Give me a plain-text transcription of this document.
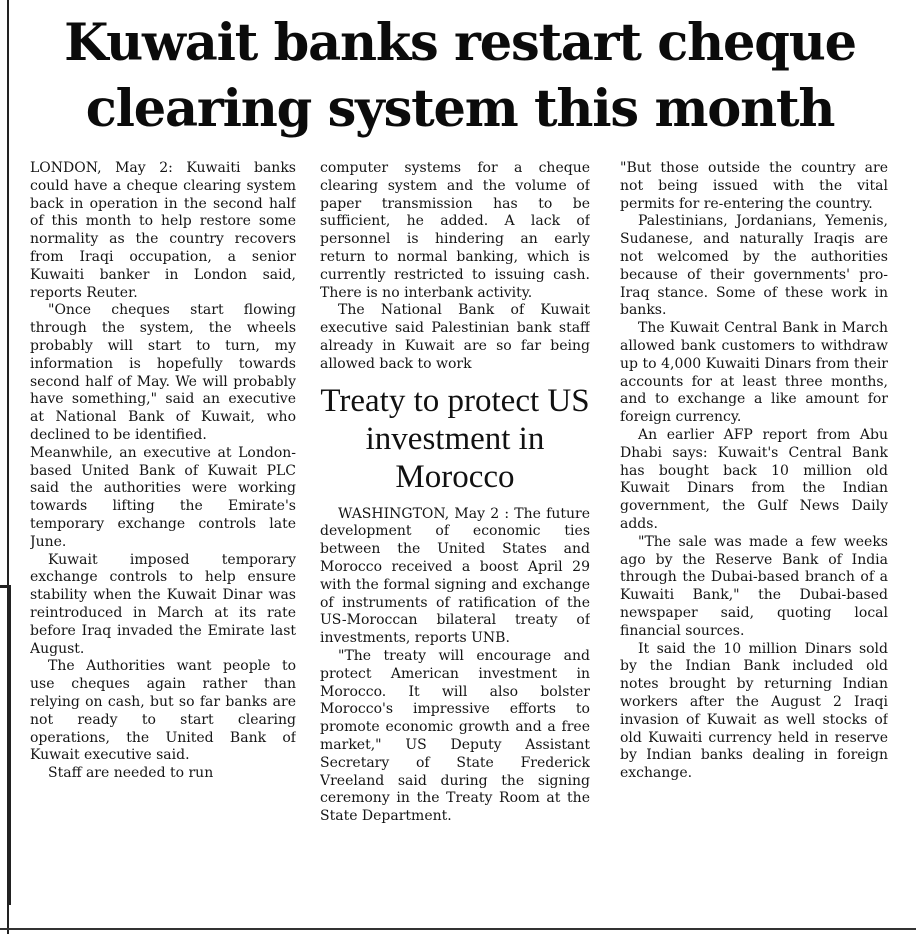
Kuwait banks restart cheque clearing system this month

LONDON, May 2: Kuwaiti banks could have a cheque clearing system back in operation in the second half of this month to help restore some normality as the country recovers from Iraqi occupation, a senior Kuwaiti banker in London said, reports Reuter.

"Once cheques start flowing through the system, the wheels probably will start to turn, my information is hopefully towards second half of May. We will probably have something," said an executive at National Bank of Kuwait, who declined to be identified.

Meanwhile, an executive at London-based United Bank of Kuwait PLC said the authorities were working towards lifting the Emirate's temporary exchange controls late June.

Kuwait imposed temporary exchange controls to help ensure stability when the Kuwait Dinar was reintroduced in March at its rate before Iraq invaded the Emirate last August.

The Authorities want people to use cheques again rather than relying on cash, but so far banks are not ready to start clearing operations, the United Bank of Kuwait executive said.

Staff are needed to run

computer systems for a cheque clearing system and the volume of paper transmission has to be sufficient, he added. A lack of personnel is hindering an early return to normal banking, which is currently restricted to issuing cash. There is no interbank activity.

The National Bank of Kuwait executive said Palestinian bank staff already in Kuwait are so far being allowed back to work

Treaty to protect US investment in Morocco

WASHINGTON, May 2 : The future development of economic ties between the United States and Morocco received a boost April 29 with the formal signing and exchange of instruments of ratification of the US-Moroccan bilateral treaty of investments, reports UNB.

"The treaty will encourage and protect American investment in Morocco. It will also bolster Morocco's impressive efforts to promote economic growth and a free market," US Deputy Assistant Secretary of State Frederick Vreeland said during the signing ceremony in the Treaty Room at the State Department.

"But those outside the country are not being issued with the vital permits for re-entering the country.

Palestinians, Jordanians, Yemenis, Sudanese, and naturally Iraqis are not welcomed by the authorities because of their governments' pro-Iraq stance. Some of these work in banks.

The Kuwait Central Bank in March allowed bank customers to withdraw up to 4,000 Kuwaiti Dinars from their accounts for at least three months, and to exchange a like amount for foreign currency.

An earlier AFP report from Abu Dhabi says: Kuwait's Central Bank has bought back 10 million old Kuwait Dinars from the Indian government, the Gulf News Daily adds.

"The sale was made a few weeks ago by the Reserve Bank of India through the Dubai-based branch of a Kuwaiti Bank," the Dubai-based newspaper said, quoting local financial sources.

It said the 10 million Dinars sold by the Indian Bank included old notes brought by returning Indian workers after the August 2 Iraqi invasion of Kuwait as well stocks of old Kuwaiti currency held in reserve by Indian banks dealing in foreign exchange.
